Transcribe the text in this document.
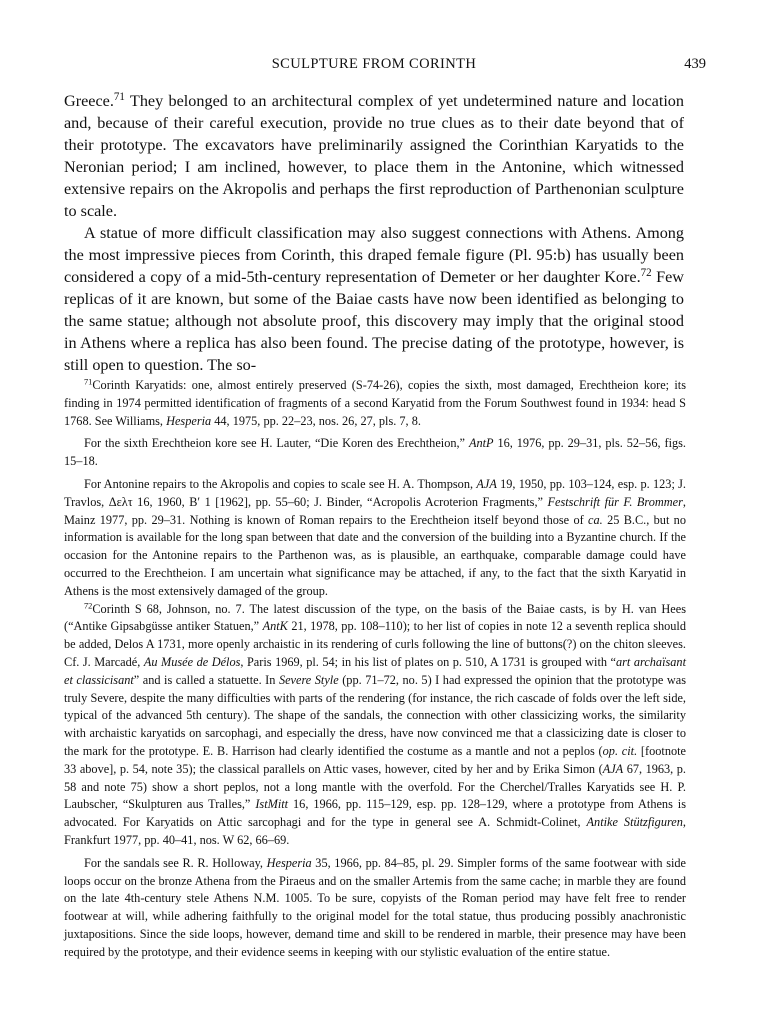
SCULPTURE FROM CORINTH	439

Greece.$^{71}$ They belonged to an architectural complex of yet undetermined nature and location and, because of their careful execution, provide no true clues as to their date beyond that of their prototype. The excavators have preliminarily assigned the Corinthian Karyatids to the Neronian period; I am inclined, however, to place them in the Antonine, which witnessed extensive repairs on the Akropolis and perhaps the first reproduction of Parthenonian sculpture to scale.

A statue of more difficult classification may also suggest connections with Athens. Among the most impressive pieces from Corinth, this draped female figure (Pl. 95:b) has usually been considered a copy of a mid-5th-century representation of Demeter or her daughter Kore.$^{72}$ Few replicas of it are known, but some of the Baiae casts have now been identified as belonging to the same statue; although not absolute proof, this discovery may imply that the original stood in Athens where a replica has also been found. The precise dating of the prototype, however, is still open to question. The so-

$^{71}$Corinth Karyatids: one, almost entirely preserved (S-74-26), copies the sixth, most damaged, Erechtheion kore; its finding in 1974 permitted identification of fragments of a second Karyatid from the Forum Southwest found in 1934: head S 1768. See Williams, Hesperia 44, 1975, pp. 22–23, nos. 26, 27, pls. 7, 8.

For the sixth Erechtheion kore see H. Lauter, “Die Koren des Erechtheion,” AntP 16, 1976, pp. 29–31, pls. 52–56, figs. 15–18.

For Antonine repairs to the Akropolis and copies to scale see H. A. Thompson, AJA 19, 1950, pp. 103–124, esp. p. 123; J. Travlos, Δελτ 16, 1960, B′ 1 [1962], pp. 55–60; J. Binder, “Acropolis Acroterion Fragments,” Festschrift für F. Brommer, Mainz 1977, pp. 29–31. Nothing is known of Roman repairs to the Erechtheion itself beyond those of ca. 25 B.C., but no information is available for the long span between that date and the conversion of the building into a Byzantine church. If the occasion for the Antonine repairs to the Parthenon was, as is plausible, an earthquake, comparable damage could have occurred to the Erechtheion. I am uncertain what significance may be attached, if any, to the fact that the sixth Karyatid in Athens is the most extensively damaged of the group.

$^{72}$Corinth S 68, Johnson, no. 7. The latest discussion of the type, on the basis of the Baiae casts, is by H. van Hees (“Antike Gipsabgüsse antiker Statuen,” AntK 21, 1978, pp. 108–110); to her list of copies in note 12 a seventh replica should be added, Delos A 1731, more openly archaistic in its rendering of curls following the line of buttons(?) on the chiton sleeves. Cf. J. Marcadé, Au Musée de Délos, Paris 1969, pl. 54; in his list of plates on p. 510, A 1731 is grouped with “art archaïsant et classicisant” and is called a statuette. In Severe Style (pp. 71–72, no. 5) I had expressed the opinion that the prototype was truly Severe, despite the many difficulties with parts of the rendering (for instance, the rich cascade of folds over the left side, typical of the advanced 5th century). The shape of the sandals, the connection with other classicizing works, the similarity with archaistic karyatids on sarcophagi, and especially the dress, have now convinced me that a classicizing date is closer to the mark for the prototype. E. B. Harrison had clearly identified the costume as a mantle and not a peplos (op. cit. [footnote 33 above], p. 54, note 35); the classical parallels on Attic vases, however, cited by her and by Erika Simon (AJA 67, 1963, p. 58 and note 75) show a short peplos, not a long mantle with the overfold. For the Cherchel/Tralles Karyatids see H. P. Laubscher, “Skulpturen aus Tralles,” IstMitt 16, 1966, pp. 115–129, esp. pp. 128–129, where a prototype from Athens is advocated. For Karyatids on Attic sarcophagi and for the type in general see A. Schmidt-Colinet, Antike Stützfiguren, Frankfurt 1977, pp. 40–41, nos. W 62, 66–69.

For the sandals see R. R. Holloway, Hesperia 35, 1966, pp. 84–85, pl. 29. Simpler forms of the same footwear with side loops occur on the bronze Athena from the Piraeus and on the smaller Artemis from the same cache; in marble they are found on the late 4th-century stele Athens N.M. 1005. To be sure, copyists of the Roman period may have felt free to render footwear at will, while adhering faithfully to the original model for the total statue, thus producing possibly anachronistic juxtapositions. Since the side loops, however, demand time and skill to be rendered in marble, their presence may have been required by the prototype, and their evidence seems in keeping with our stylistic evaluation of the entire statue.
